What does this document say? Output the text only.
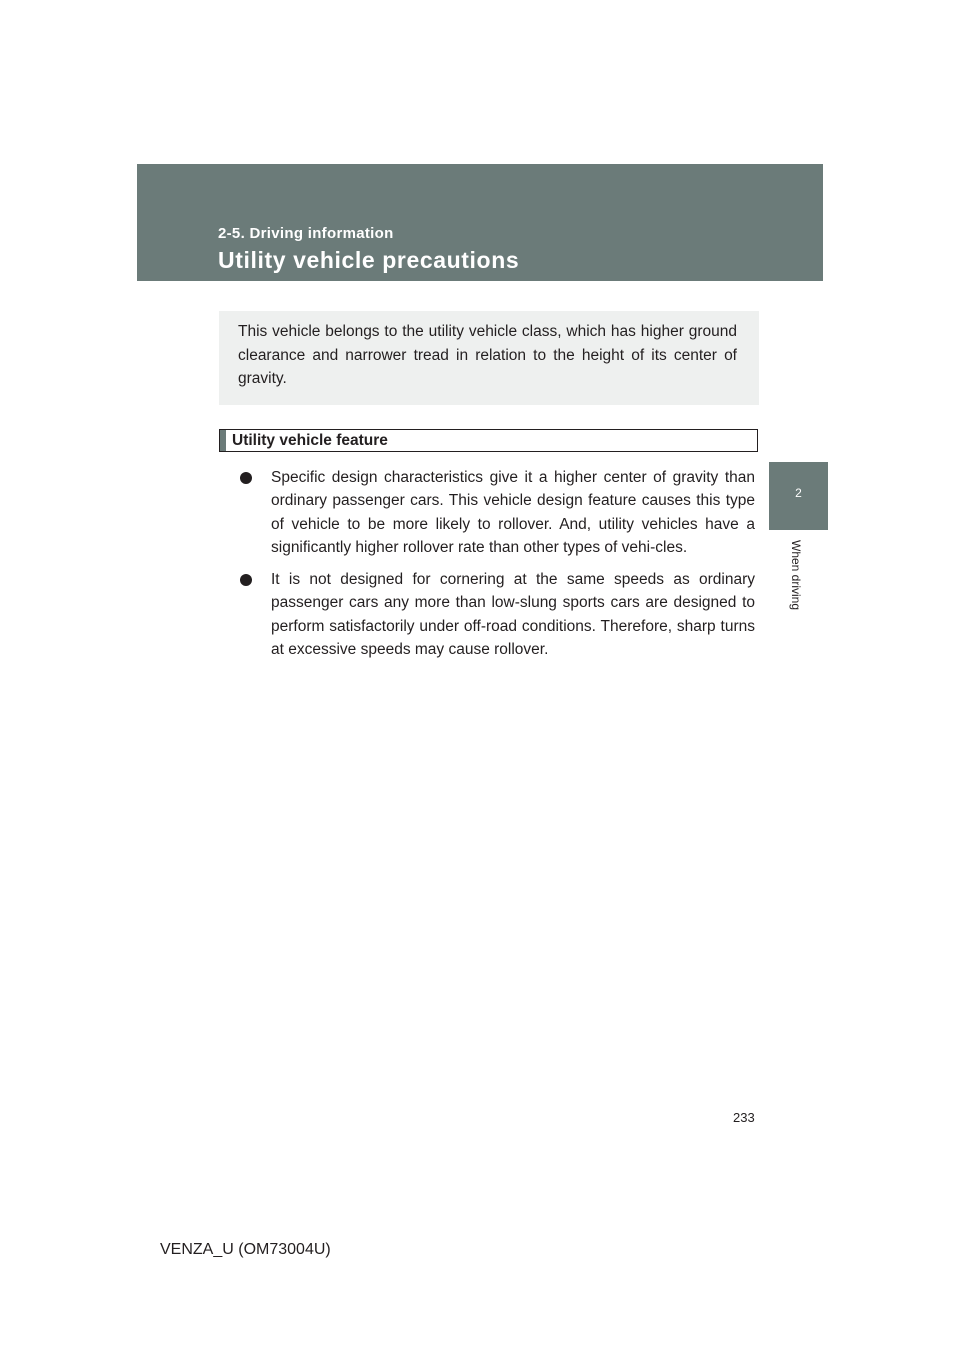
2-5. Driving information
Utility vehicle precautions
2
When driving
This vehicle belongs to the utility vehicle class, which has higher ground clearance and narrower tread in relation to the height of its center of gravity.
Utility vehicle feature
Specific design characteristics give it a higher center of gravity than ordinary passenger cars. This vehicle design feature causes this type of vehicle to be more likely to rollover. And, utility vehicles have a significantly higher rollover rate than other types of vehi-cles.
It is not designed for cornering at the same speeds as ordinary passenger cars any more than low-slung sports cars are designed to perform satisfactorily under off-road conditions. Therefore, sharp turns at excessive speeds may cause rollover.
233
VENZA_U (OM73004U)
